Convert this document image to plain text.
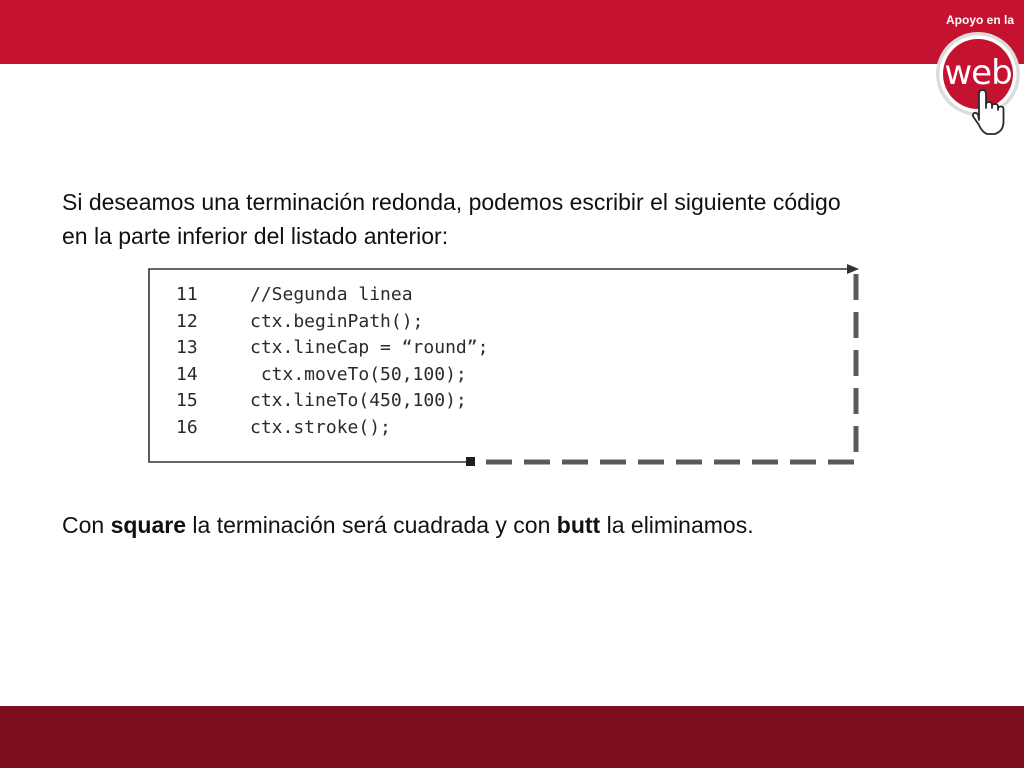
Apoyo en la
web
Si deseamos una terminación redonda, podemos escribir el siguiente código
en la parte inferior del listado anterior:
11	//Segunda linea
12	ctx.beginPath();
13	ctx.lineCap = “round”;
14	ctx.moveTo(50,100);
15	ctx.lineTo(450,100);
16	ctx.stroke();
Con square la terminación será cuadrada y con butt la eliminamos.
